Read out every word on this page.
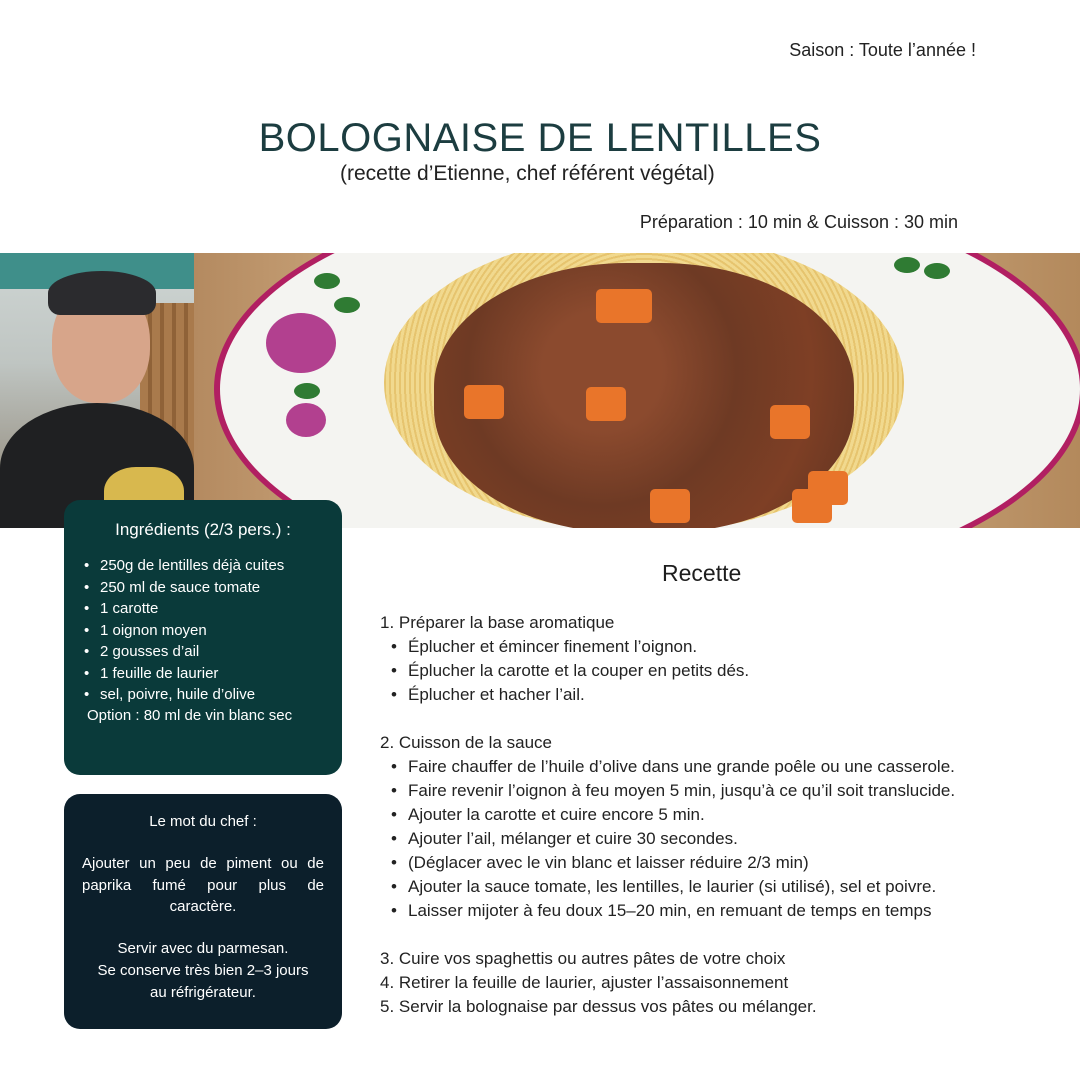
Saison : Toute l’année !
BOLOGNAISE DE LENTILLES
(recette d’Etienne, chef référent végétal)
Préparation : 10 min & Cuisson : 30 min
Ingrédients (2/3 pers.) :
• 250g de lentilles déjà cuites
• 250 ml de sauce tomate
• 1 carotte
• 1 oignon moyen
• 2 gousses d’ail
• 1 feuille de laurier
• sel, poivre, huile d’olive
Option : 80 ml de vin blanc sec
Le mot du chef :
Ajouter un peu de piment ou de paprika fumé pour plus de caractère.
Servir avec du parmesan.
Se conserve très bien 2–3 jours
au réfrigérateur.
Recette
1. Préparer la base aromatique
• Éplucher et émincer finement l’oignon.
• Éplucher la carotte et la couper en petits dés.
• Éplucher et hacher l’ail.
2. Cuisson de la sauce
• Faire chauffer de l’huile d’olive dans une grande poêle ou une casserole.
• Faire revenir l’oignon à feu moyen 5 min, jusqu’à ce qu’il soit translucide.
• Ajouter la carotte et cuire encore 5 min.
• Ajouter l’ail, mélanger et cuire 30 secondes.
• (Déglacer avec le vin blanc et laisser réduire 2/3 min)
• Ajouter la sauce tomate, les lentilles, le laurier (si utilisé), sel et poivre.
• Laisser mijoter à feu doux 15–20 min, en remuant de temps en temps
3. Cuire vos spaghettis ou autres pâtes de votre choix
4. Retirer la feuille de laurier, ajuster l’assaisonnement
5. Servir la bolognaise par dessus vos pâtes ou mélanger.
